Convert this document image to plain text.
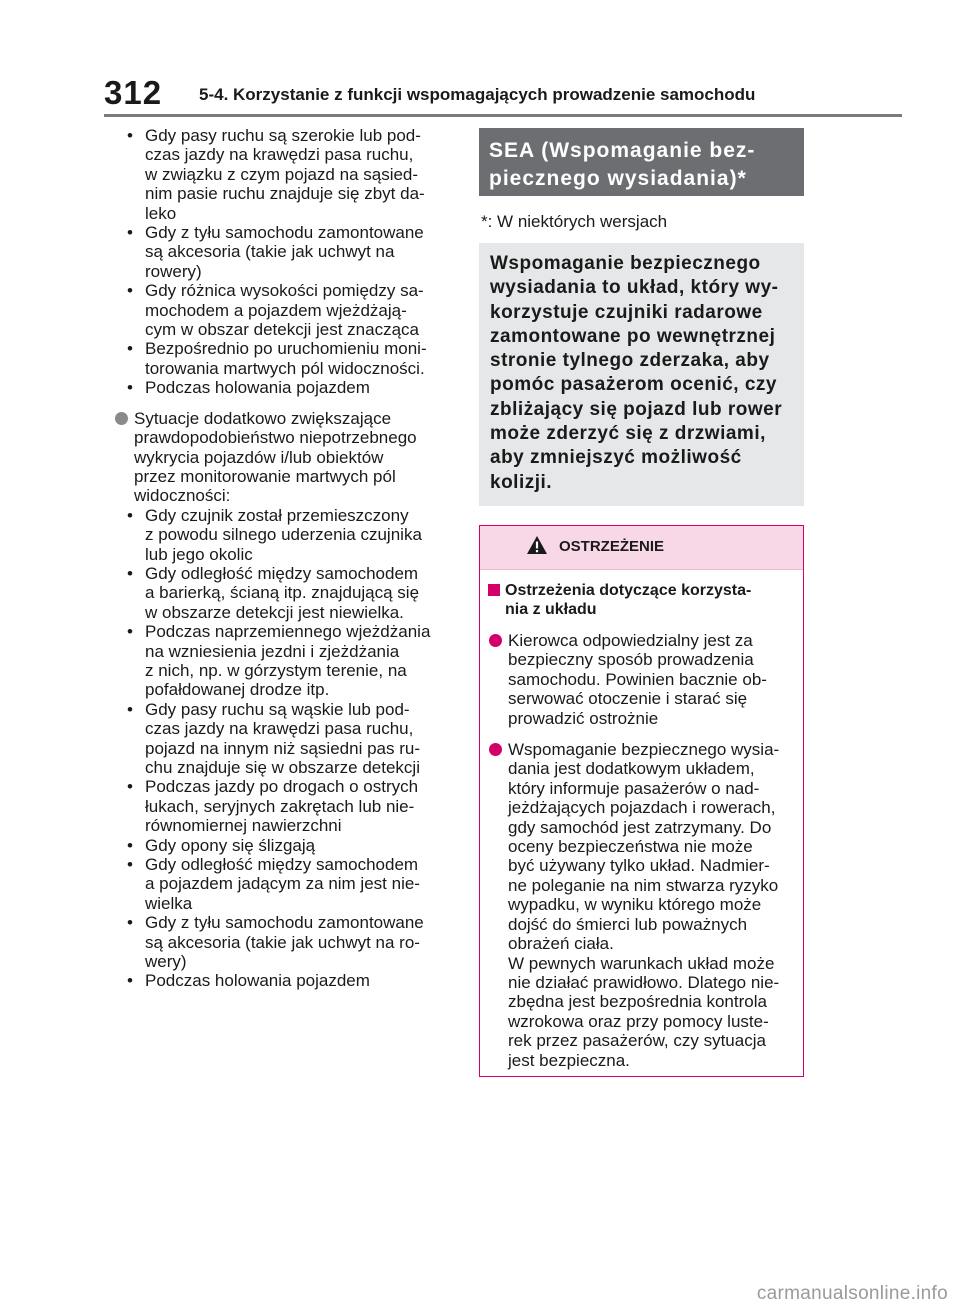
312 5-4. Korzystanie z funkcji wspomagających prowadzenie samochodu
• Gdy pasy ruchu są szerokie lub pod-
czas jazdy na krawędzi pasa ruchu,
w związku z czym pojazd na sąsied-
nim pasie ruchu znajduje się zbyt da-
leko
• Gdy z tyłu samochodu zamontowane
są akcesoria (takie jak uchwyt na
rowery)
• Gdy różnica wysokości pomiędzy sa-
mochodem a pojazdem wjeżdżają-
cym w obszar detekcji jest znacząca
• Bezpośrednio po uruchomieniu moni-
torowania martwych pól widoczności.
• Podczas holowania pojazdem
Sytuacje dodatkowo zwiększające
prawdopodobieństwo niepotrzebnego
wykrycia pojazdów i/lub obiektów
przez monitorowanie martwych pól
widoczności:
• Gdy czujnik został przemieszczony
z powodu silnego uderzenia czujnika
lub jego okolic
• Gdy odległość między samochodem
a barierką, ścianą itp. znajdującą się
w obszarze detekcji jest niewielka.
• Podczas naprzemiennego wjeżdżania
na wzniesienia jezdni i zjeżdżania
z nich, np. w górzystym terenie, na
pofałdowanej drodze itp.
• Gdy pasy ruchu są wąskie lub pod-
czas jazdy na krawędzi pasa ruchu,
pojazd na innym niż sąsiedni pas ru-
chu znajduje się w obszarze detekcji
• Podczas jazdy po drogach o ostrych
łukach, seryjnych zakrętach lub nie-
równomiernej nawierzchni
• Gdy opony się ślizgają
• Gdy odległość między samochodem
a pojazdem jadącym za nim jest nie-
wielka
• Gdy z tyłu samochodu zamontowane
są akcesoria (takie jak uchwyt na ro-
wery)
• Podczas holowania pojazdem
SEA (Wspomaganie bez-
piecznego wysiadania)*
*: W niektórych wersjach
Wspomaganie bezpiecznego
wysiadania to układ, który wy-
korzystuje czujniki radarowe
zamontowane po wewnętrznej
stronie tylnego zderzaka, aby
pomóc pasażerom ocenić, czy
zbliżający się pojazd lub rower
może zderzyć się z drzwiami,
aby zmniejszyć możliwość
kolizji.
OSTRZEŻENIE
Ostrzeżenia dotyczące korzysta-
nia z układu
Kierowca odpowiedzialny jest za
bezpieczny sposób prowadzenia
samochodu. Powinien bacznie ob-
serwować otoczenie i starać się
prowadzić ostrożnie
Wspomaganie bezpiecznego wysia-
dania jest dodatkowym układem,
który informuje pasażerów o nad-
jeżdżających pojazdach i rowerach,
gdy samochód jest zatrzymany. Do
oceny bezpieczeństwa nie może
być używany tylko układ. Nadmier-
ne poleganie na nim stwarza ryzyko
wypadku, w wyniku którego może
dojść do śmierci lub poważnych
obrażeń ciała.
W pewnych warunkach układ może
nie działać prawidłowo. Dlatego nie-
zbędna jest bezpośrednia kontrola
wzrokowa oraz przy pomocy luste-
rek przez pasażerów, czy sytuacja
jest bezpieczna.
carmanualsonline.info
